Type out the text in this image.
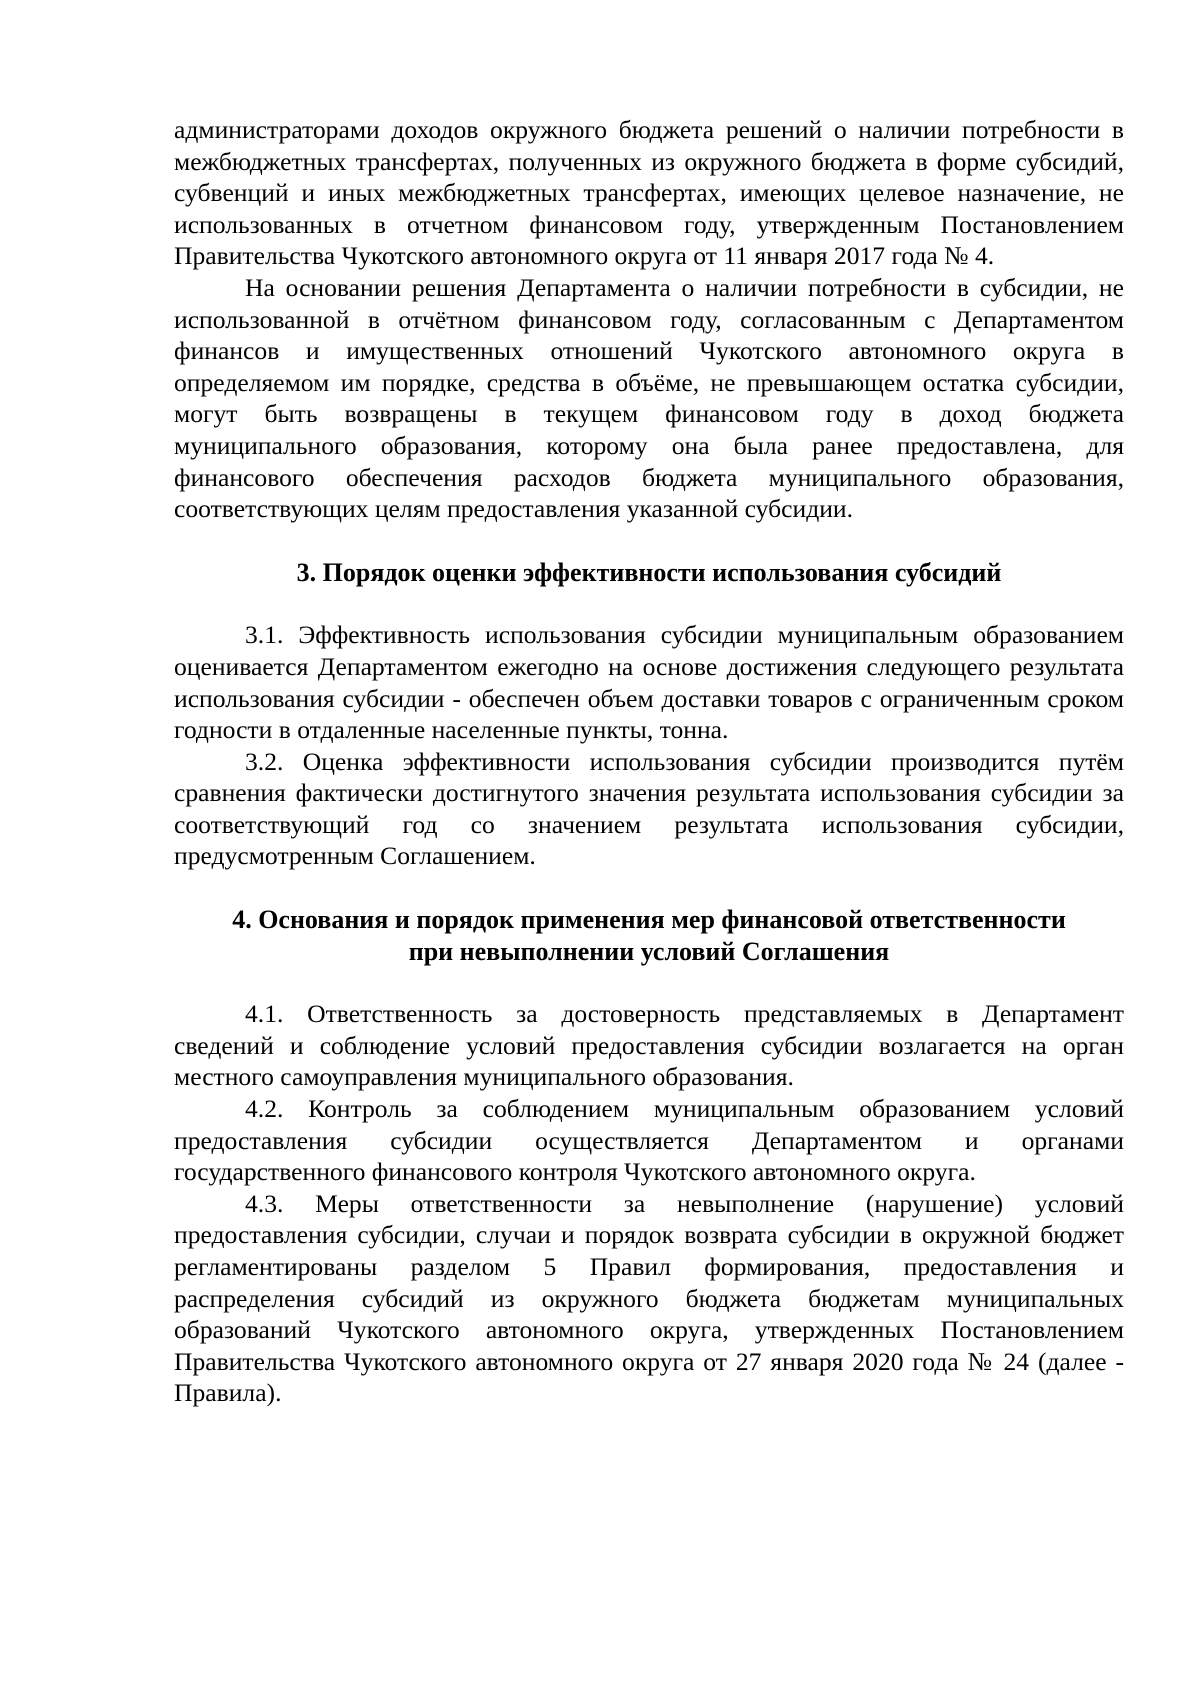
администраторами доходов окружного бюджета решений о наличии потребности в межбюджетных трансфертах, полученных из окружного бюджета в форме субсидий, субвенций и иных межбюджетных трансфертах, имеющих целевое назначение, не использованных в отчетном финансовом году, утвержденным Постановлением Правительства Чукотского автономного округа от 11 января 2017 года № 4.

На основании решения Департамента о наличии потребности в субсидии, не использованной в отчётном финансовом году, согласованным с Департаментом финансов и имущественных отношений Чукотского автономного округа в определяемом им порядке, средства в объёме, не превышающем остатка субсидии, могут быть возвращены в текущем финансовом году в доход бюджета муниципального образования, которому она была ранее предоставлена, для финансового обеспечения расходов бюджета муниципального образования, соответствующих целям предоставления указанной субсидии.

3. Порядок оценки эффективности использования субсидий

3.1. Эффективность использования субсидии муниципальным образованием оценивается Департаментом ежегодно на основе достижения следующего результата использования субсидии - обеспечен объем доставки товаров с ограниченным сроком годности в отдаленные населенные пункты, тонна.

3.2. Оценка эффективности использования субсидии производится путём сравнения фактически достигнутого значения результата использования субсидии за соответствующий год со значением результата использования субсидии, предусмотренным Соглашением.

4. Основания и порядок применения мер финансовой ответственности
при невыполнении условий Соглашения

4.1. Ответственность за достоверность представляемых в Департамент сведений и соблюдение условий предоставления субсидии возлагается на орган местного самоуправления муниципального образования.

4.2. Контроль за соблюдением муниципальным образованием условий предоставления субсидии осуществляется Департаментом и органами государственного финансового контроля Чукотского автономного округа.

4.3. Меры ответственности за невыполнение (нарушение) условий предоставления субсидии, случаи и порядок возврата субсидии в окружной бюджет регламентированы разделом 5 Правил формирования, предоставления и распределения субсидий из окружного бюджета бюджетам муниципальных образований Чукотского автономного округа, утвержденных Постановлением Правительства Чукотского автономного округа от 27 января 2020 года № 24 (далее - Правила).
